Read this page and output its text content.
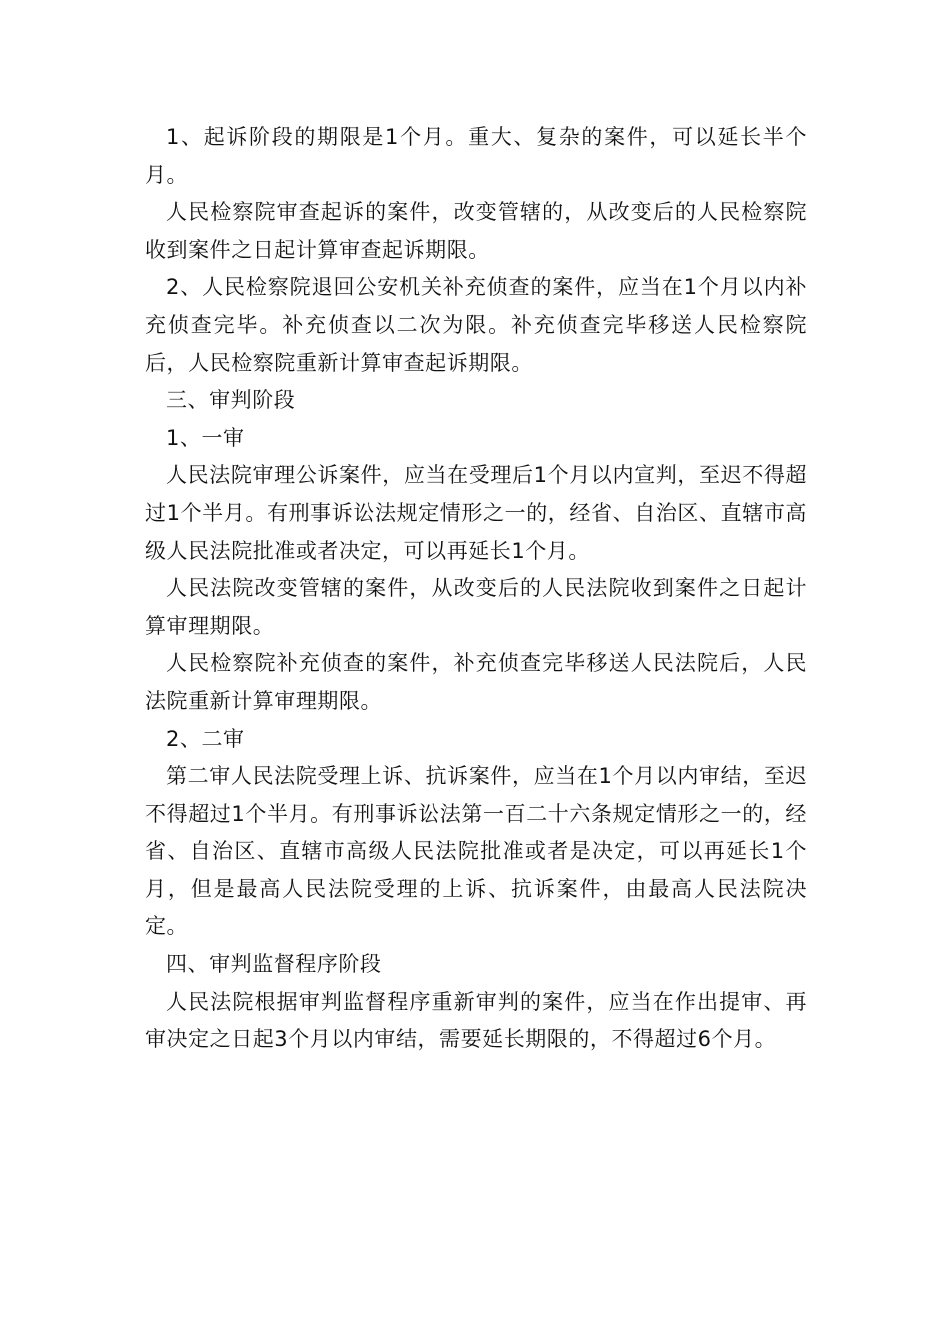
1、起诉阶段的期限是1个月。重大、复杂的案件，可以延长半个月。

人民检察院审查起诉的案件，改变管辖的，从改变后的人民检察院收到案件之日起计算审查起诉期限。

2、人民检察院退回公安机关补充侦查的案件，应当在1个月以内补充侦查完毕。补充侦查以二次为限。补充侦查完毕移送人民检察院后，人民检察院重新计算审查起诉期限。

三、审判阶段

1、一审

人民法院审理公诉案件，应当在受理后1个月以内宣判，至迟不得超过1个半月。有刑事诉讼法规定情形之一的，经省、自治区、直辖市高级人民法院批准或者决定，可以再延长1个月。

人民法院改变管辖的案件，从改变后的人民法院收到案件之日起计算审理期限。

人民检察院补充侦查的案件，补充侦查完毕移送人民法院后，人民法院重新计算审理期限。

2、二审

第二审人民法院受理上诉、抗诉案件，应当在1个月以内审结，至迟不得超过1个半月。有刑事诉讼法第一百二十六条规定情形之一的，经省、自治区、直辖市高级人民法院批准或者是决定，可以再延长1个月，但是最高人民法院受理的上诉、抗诉案件，由最高人民法院决定。

四、审判监督程序阶段

人民法院根据审判监督程序重新审判的案件，应当在作出提审、再审决定之日起3个月以内审结，需要延长期限的，不得超过6个月。
